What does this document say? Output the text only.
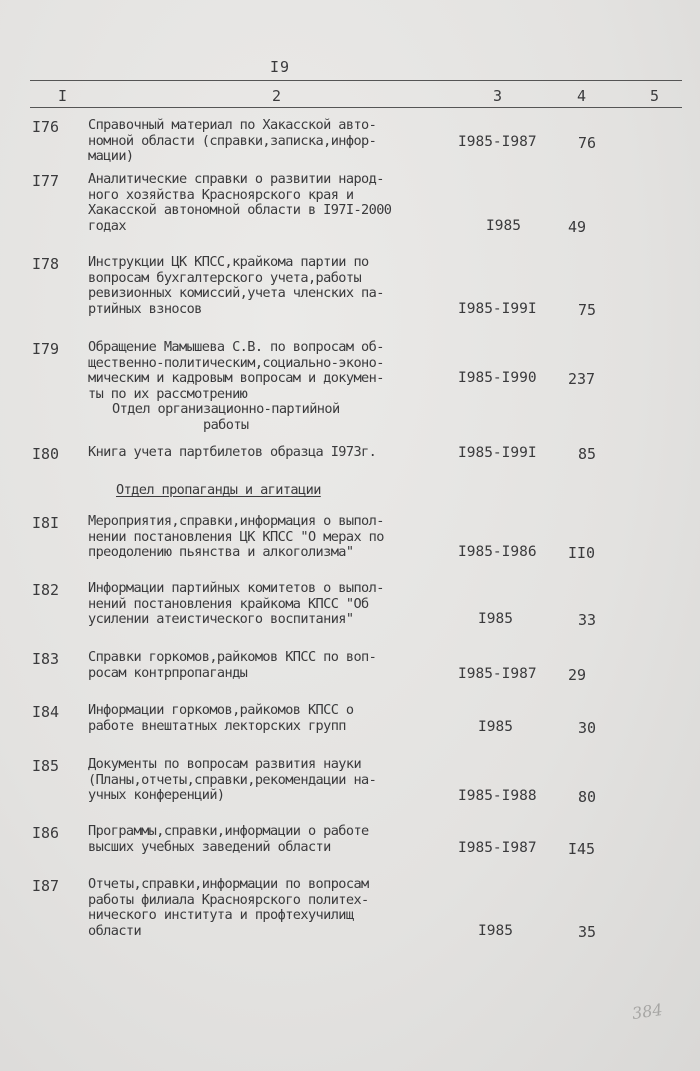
I9
I	2	3	4	5
I76 Справочный материал по Хакасской авто-
номной области (справки,записка,инфор-
мации)
I985-I987	76
I77 Аналитические справки о развитии народ-
ного хозяйства Красноярского края и
Хакасской автономной области в I97I-2000
годах	I985	49
I78 Инструкции ЦК КПСС,крайкома партии по
вопросам бухгалтерского учета,работы
ревизионных комиссий,учета членских па-
ртийных взносов	I985-I99I	75
I79 Обращение Мамышева С.В. по вопросам об-
щественно-политическим,социально-эконо-
мическим и кадровым вопросам и докумен-
ты по их рассмотрению
I985-I990	237
Отдел организационно-партийной
работы
I80 Книга учета партбилетов образца I973г.	I985-I99I	85
Отдел пропаганды и агитации
I8I Мероприятия,справки,информация о выпол-
нении постановления ЦК КПСС "О мерах по
преодолению пьянства и алкоголизма"	I985-I986	II0
I82 Информации партийных комитетов о выпол-
нений постановления крайкома КПСС "Об
усилении атеистического воспитания"	I985	33
I83 Справки горкомов,райкомов КПСС по воп-
росам контрпропаганды	I985-I987	29
I84 Информации горкомов,райкомов КПСС о
работе внештатных лекторских групп	I985	30
I85 Документы по вопросам развития науки
(Планы,отчеты,справки,рекомендации на-
учных конференций)	I985-I988	80
I86 Программы,справки,информации о работе
высших учебных заведений области	I985-I987	I45
I87 Отчеты,справки,информации по вопросам
работы филиала Красноярского политех-
нического института и профтехучилищ
области	I985	35
384
